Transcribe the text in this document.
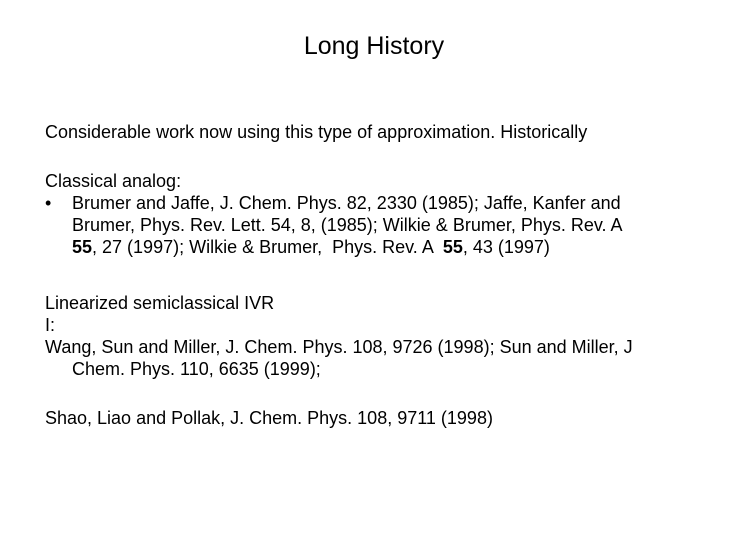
Long History
Considerable work now using this type of approximation. Historically
Classical analog:
• Brumer and Jaffe, J. Chem. Phys. 82, 2330 (1985); Jaffe, Kanfer and
Brumer, Phys. Rev. Lett. 54, 8, (1985); Wilkie & Brumer, Phys. Rev. A
55, 27 (1997); Wilkie & Brumer,  Phys. Rev. A  55, 43 (1997)
Linearized semiclassical IVR
I:
Wang, Sun and Miller, J. Chem. Phys. 108, 9726 (1998); Sun and Miller, J
Chem. Phys. 110, 6635 (1999);
Shao, Liao and Pollak, J. Chem. Phys. 108, 9711 (1998)
